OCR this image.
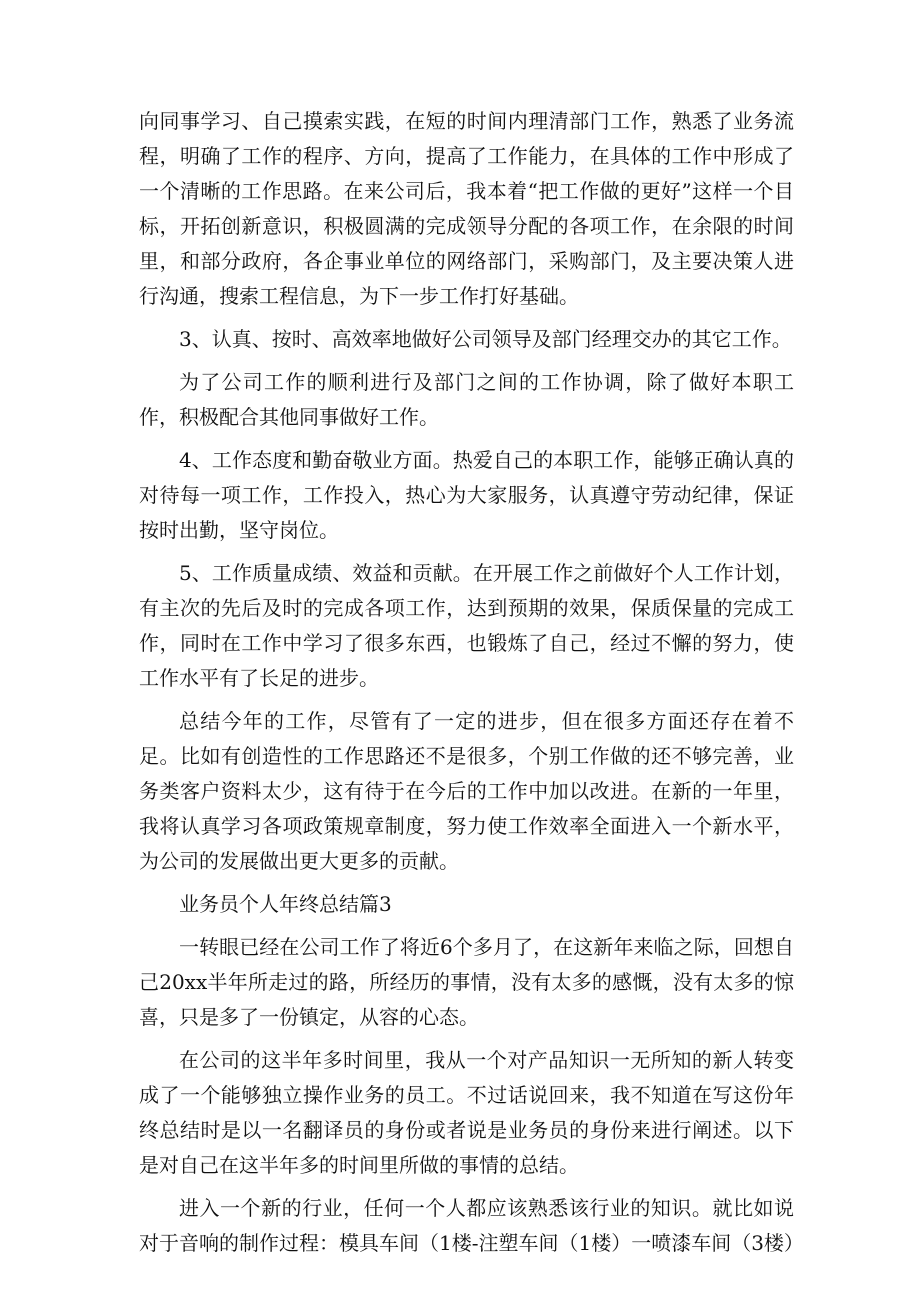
向同事学习、自己摸索实践，在短的时间内理清部门工作，熟悉了业务流程，明确了工作的程序、方向，提高了工作能力，在具体的工作中形成了一个清晰的工作思路。在来公司后，我本着“把工作做的更好”这样一个目标，开拓创新意识，积极圆满的完成领导分配的各项工作，在余限的时间里，和部分政府，各企事业单位的网络部门，采购部门，及主要决策人进行沟通，搜索工程信息，为下一步工作打好基础。

3、认真、按时、高效率地做好公司领导及部门经理交办的其它工作。

为了公司工作的顺利进行及部门之间的工作协调，除了做好本职工作，积极配合其他同事做好工作。

4、工作态度和勤奋敬业方面。热爱自己的本职工作，能够正确认真的对待每一项工作，工作投入，热心为大家服务，认真遵守劳动纪律，保证按时出勤，坚守岗位。

5、工作质量成绩、效益和贡献。在开展工作之前做好个人工作计划，有主次的先后及时的完成各项工作，达到预期的效果，保质保量的完成工作，同时在工作中学习了很多东西，也锻炼了自己，经过不懈的努力，使工作水平有了长足的进步。

总结今年的工作，尽管有了一定的进步，但在很多方面还存在着不足。比如有创造性的工作思路还不是很多，个别工作做的还不够完善，业务类客户资料太少，这有待于在今后的工作中加以改进。在新的一年里，我将认真学习各项政策规章制度，努力使工作效率全面进入一个新水平，为公司的发展做出更大更多的贡献。

业务员个人年终总结篇3

一转眼已经在公司工作了将近6个多月了，在这新年来临之际，回想自己20xx半年所走过的路，所经历的事情，没有太多的感慨，没有太多的惊喜，只是多了一份镇定，从容的心态。

在公司的这半年多时间里，我从一个对产品知识一无所知的新人转变成了一个能够独立操作业务的员工。不过话说回来，我不知道在写这份年终总结时是以一名翻译员的身份或者说是业务员的身份来进行阐述。以下是对自己在这半年多的时间里所做的事情的总结。

进入一个新的行业，任何一个人都应该熟悉该行业的知识。就比如说对于音响的制作过程：模具车间（1楼-注塑车间（1楼）一喷漆车间（3楼）
